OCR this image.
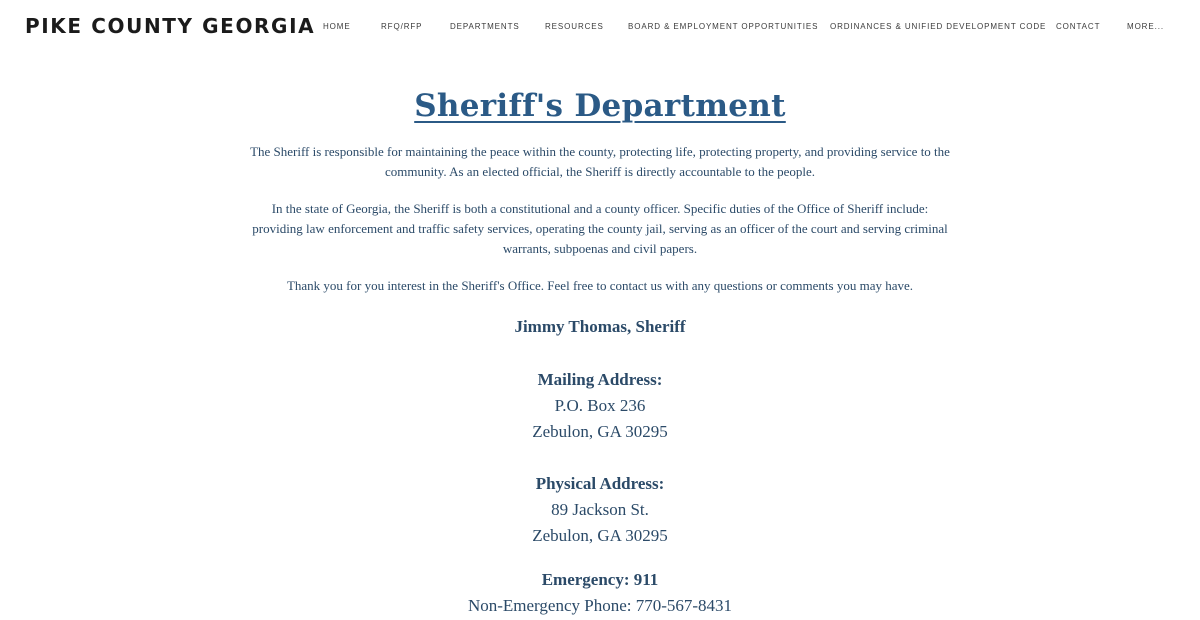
PIKE COUNTY GEORGIA HOME	RFQ/RFP	DEPARTMENTS	RESOURCES	BOARD & EMPLOYMENT OPPORTUNITIES ORDINANCES & UNIFIED DEVELOPMENT CODE CONTACT	MORE...
Sheriff's Department

The Sheriff is responsible for maintaining the peace within the county, protecting life, protecting property, and providing service to the community. As an elected official, the Sheriff is directly accountable to the people.

In the state of Georgia, the Sheriff is both a constitutional and a county officer. Specific duties of the Office of Sheriff include: providing law enforcement and traffic safety services, operating the county jail, serving as an officer of the court and serving criminal warrants, subpoenas and civil papers.

Thank you for you interest in the Sheriff's Office. Feel free to contact us with any questions or comments you may have.

Jimmy Thomas, Sheriff
Mailing Address:
P.O. Box 236
Zebulon, GA 30295
Physical Address:
89 Jackson St.
Zebulon, GA 30295
Emergency: 911
Non-Emergency Phone: 770-567-8431
